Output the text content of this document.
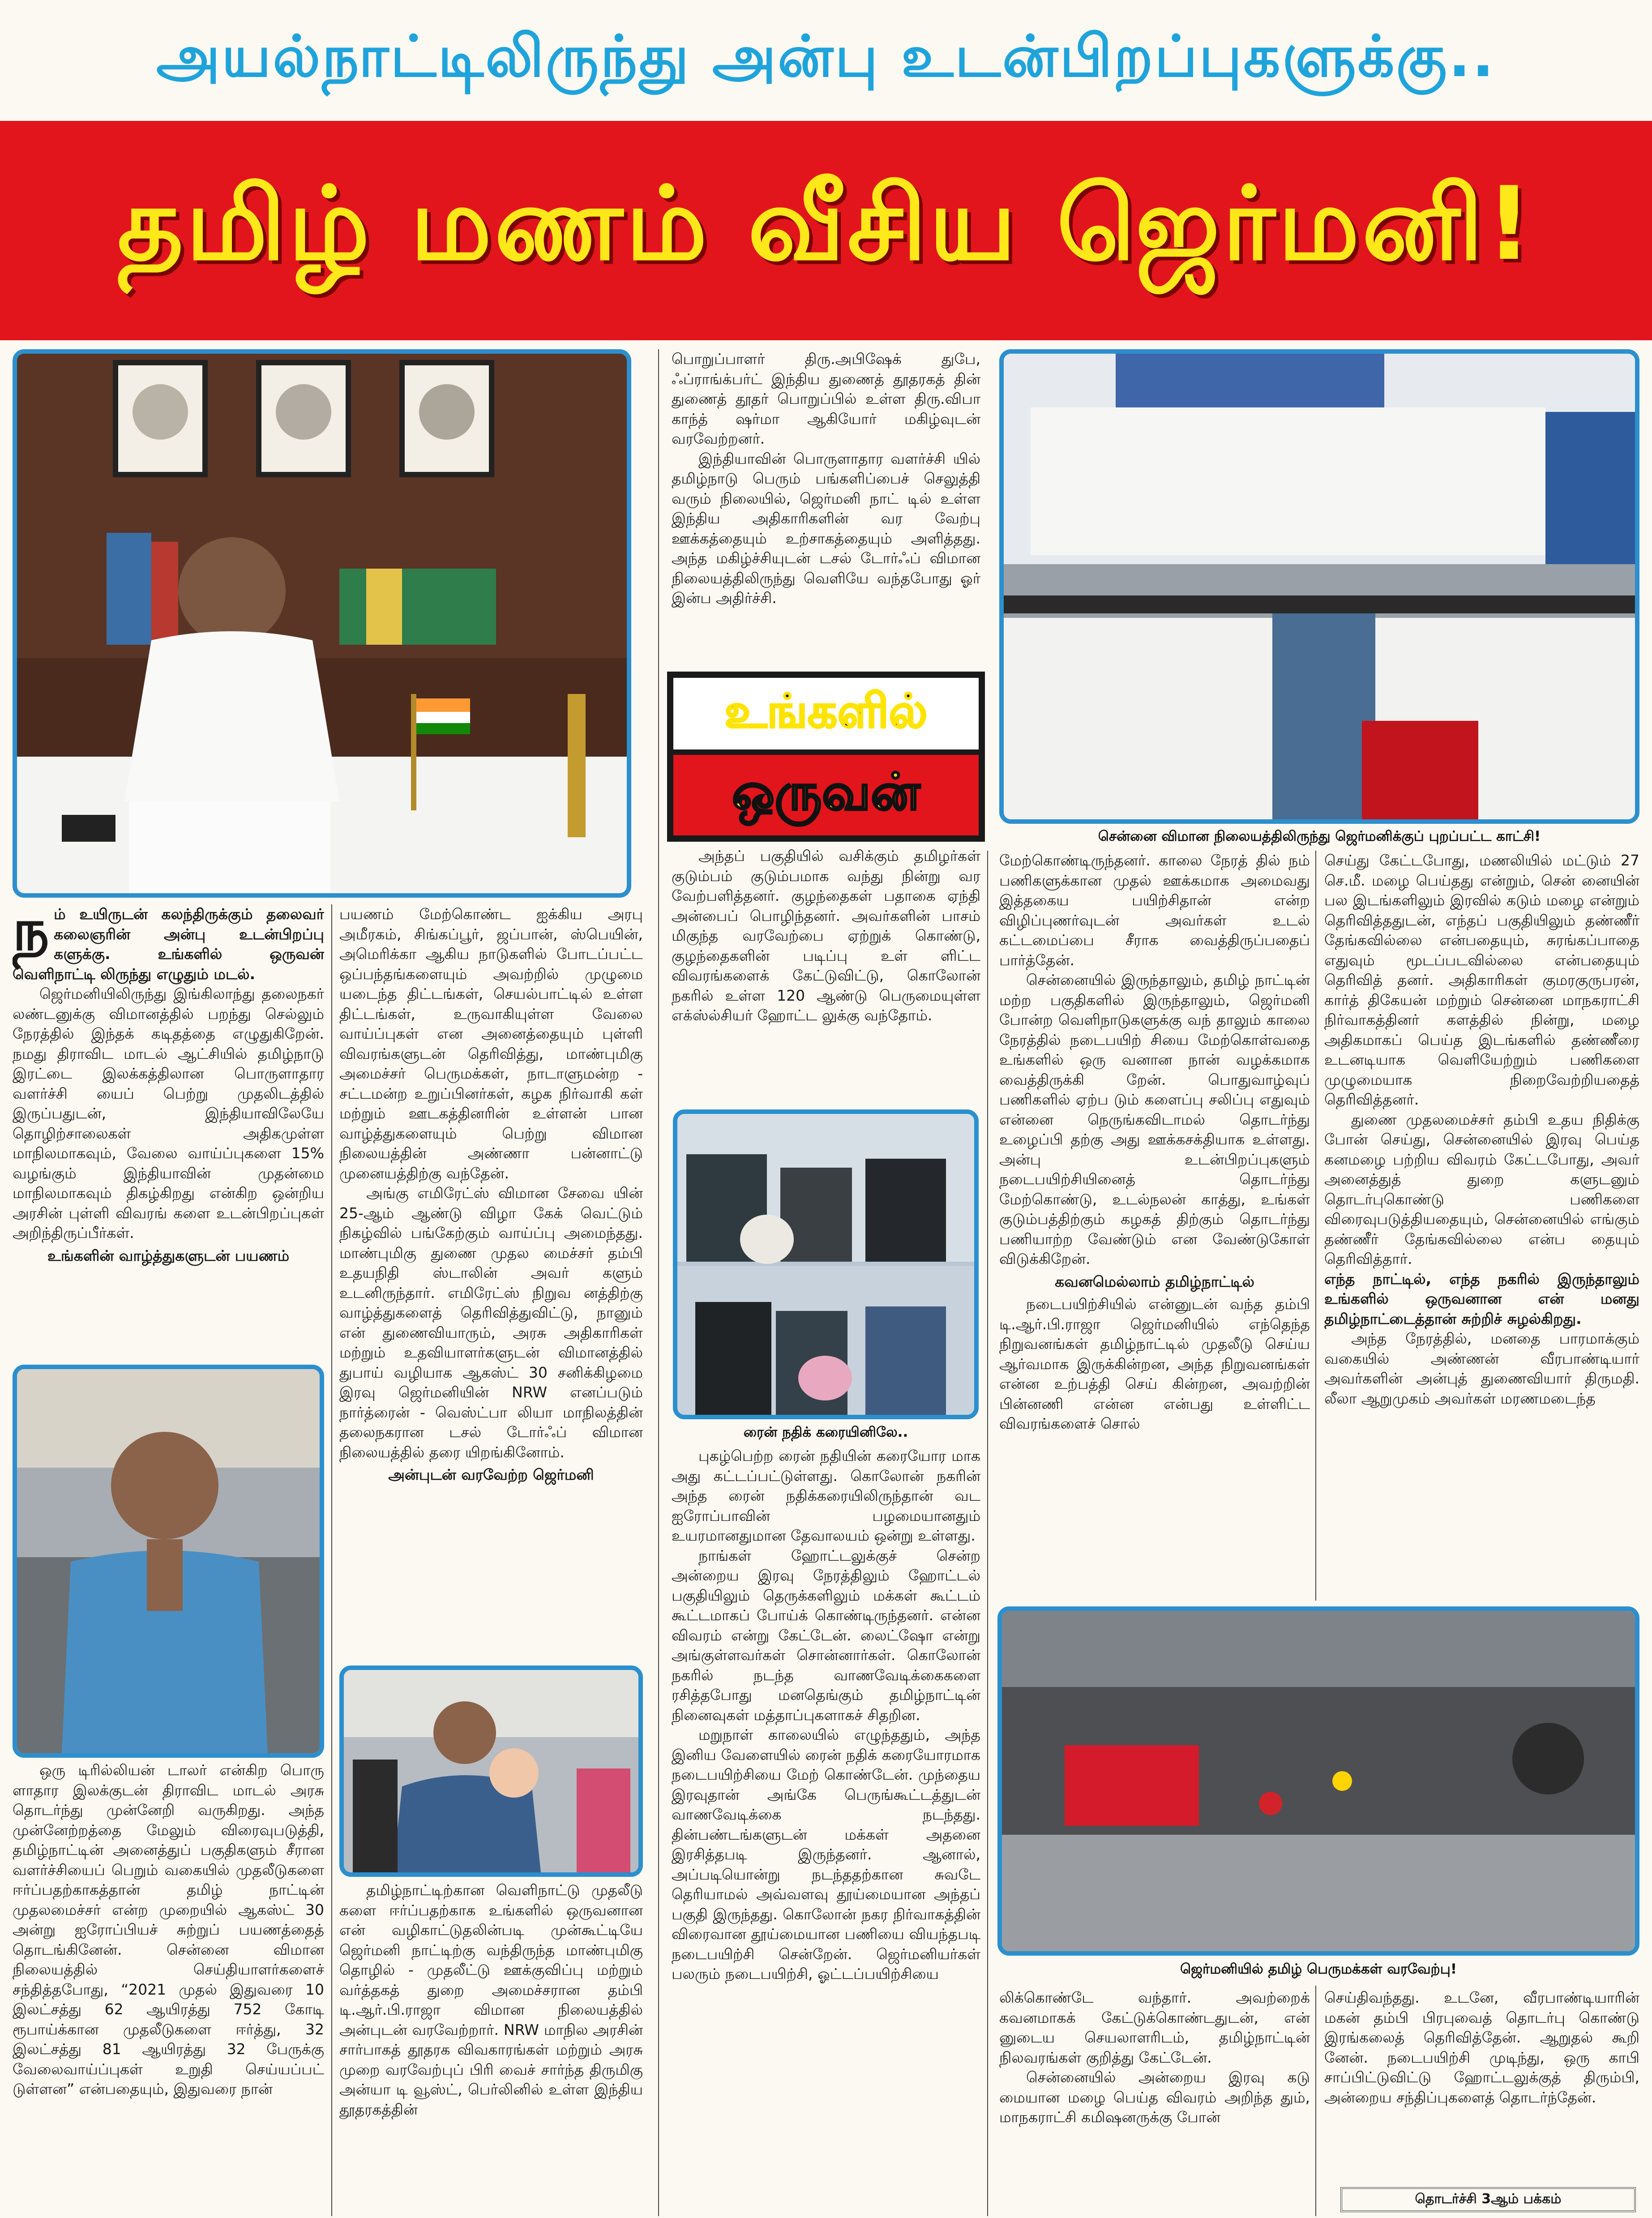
அயல்நாட்டிலிருந்து அன்பு உடன்பிறப்புகளுக்கு..
தமிழ் மணம் வீசிய ஜெர்மனி!
சென்னை விமான நிலையத்திலிருந்து ஜெர்மனிக்குப் புறப்பட்ட காட்சி!
உங்களில்
ஒருவன்
ரைன் நதிக் கரையினிலே..
ஜெர்மனியில் தமிழ் பெருமக்கள் வரவேற்பு!

நம் உயிருடன் கலந்திருக்கும் தலைவர் கலைஞரின் அன்பு உடன்பிறப்பு களுக்கு. உங்களில் ஒருவன் வெளிநாட்டி லிருந்து எழுதும் மடல்.

ஜெர்மனியிலிருந்து இங்கிலாந்து தலைநகர் லண்டனுக்கு விமானத்தில் பறந்து செல்லும் நேரத்தில் இந்தக் கடிதத்தை எழுதுகிறேன். நமது திராவிட மாடல் ஆட்சியில் தமிழ்நாடு இரட்டை இலக்கத்திலான பொருளாதார வளர்ச்சி யைப் பெற்று முதலிடத்தில் இருப்பதுடன், இந்தியாவிலேயே தொழிற்சாலைகள் அதிகமுள்ள மாநிலமாகவும், வேலை வாய்ப்புகளை 15% வழங்கும் இந்தியாவின் முதன்மை மாநிலமாகவும் திகழ்கிறது என்கிற ஒன்றிய அரசின் புள்ளி விவரங் களை உடன்பிறப்புகள் அறிந்திருப்பீர்கள்.

உங்களின் வாழ்த்துகளுடன் பயணம்

ஒரு டிரில்லியன் டாலர் என்கிற பொரு ளாதார இலக்குடன் திராவிட மாடல் அரசு தொடர்ந்து முன்னேறி வருகிறது. அந்த முன்னேற்றத்தை மேலும் விரைவுபடுத்தி, தமிழ்நாட்டின் அனைத்துப் பகுதிகளும் சீரான வளர்ச்சியைப் பெறும் வகையில் முதலீடுகளை ஈர்ப்பதற்காகத்தான் தமிழ் நாட்டின் முதலமைச்சர் என்ற முறையில் ஆகஸ்ட் 30 அன்று ஐரோப்பியச் சுற்றுப் பயணத்தைத் தொடங்கினேன். சென்னை விமான நிலையத்தில் செய்தியாளர்களைச் சந்தித்தபோது, “2021 முதல் இதுவரை 10 இலட்சத்து 62 ஆயிரத்து 752 கோடி ரூபாய்க்கான முதலீடுகளை ஈர்த்து, 32 இலட்சத்து 81 ஆயிரத்து 32 பேருக்கு வேலைவாய்ப்புகள் உறுதி செய்யப்பட் டுள்ளன” என்பதையும், இதுவரை நான்

பயணம் மேற்கொண்ட ஐக்கிய அரபு அமீரகம், சிங்கப்பூர், ஜப்பான், ஸ்பெயின், அமெரிக்கா ஆகிய நாடுகளில் போடப்பட்ட ஒப்பந்தங்களையும் அவற்றில் முழுமை யடைந்த திட்டங்கள், செயல்பாட்டில் உள்ள திட்டங்கள், உருவாகியுள்ள வேலை வாய்ப்புகள் என அனைத்தையும் புள்ளி விவரங்களுடன் தெரிவித்து, மாண்புமிகு அமைச்சர் பெருமக்கள், நாடாளுமன்ற - சட்டமன்ற உறுப்பினர்கள், கழக நிர்வாகி கள் மற்றும் ஊடகத்தினரின் உள்ளன் பான வாழ்த்துகளையும் பெற்று விமான நிலையத்தின் அண்ணா பன்னாட்டு முனையத்திற்கு வந்தேன்.

அங்கு எமிரேட்ஸ் விமான சேவை யின் 25-ஆம் ஆண்டு விழா கேக் வெட்டும் நிகழ்வில் பங்கேற்கும் வாய்ப்பு அமைந்தது. மாண்புமிகு துணை முதல மைச்சர் தம்பி உதயநிதி ஸ்டாலின் அவர் களும் உடனிருந்தார். எமிரேட்ஸ் நிறுவ னத்திற்கு வாழ்த்துகளைத் தெரிவித்துவிட்டு, நானும் என் துணைவியாரும், அரசு அதிகாரிகள் மற்றும் உதவியாளர்களுடன் விமானத்தில் துபாய் வழியாக ஆகஸ்ட் 30 சனிக்கிழமை இரவு ஜெர்மனியின் NRW எனப்படும் நார்த்ரைன் - வெஸ்ட்பா லியா மாநிலத்தின் தலைநகரான டசல் டோர்ஃப் விமான நிலையத்தில் தரை யிறங்கினோம்.

அன்புடன் வரவேற்ற ஜெர்மனி

தமிழ்நாட்டிற்கான வெளிநாட்டு முதலீடு களை ஈர்ப்பதற்காக உங்களில் ஒருவனான என் வழிகாட்டுதலின்படி முன்கூட்டியே ஜெர்மனி நாட்டிற்கு வந்திருந்த மாண்புமிகு தொழில் - முதலீட்டு ஊக்குவிப்பு மற்றும் வர்த்தகத் துறை அமைச்சரான தம்பி டி.ஆர்.பி.ராஜா விமான நிலையத்தில் அன்புடன் வரவேற்றார். NRW மாநில அரசின் சார்பாகத் தூதரக விவகாரங்கள் மற்றும் அரசு முறை வரவேற்புப் பிரி வைச் சார்ந்த திருமிகு அன்யா டி வூஸ்ட், பெர்லினில் உள்ள இந்திய தூதரகத்தின்

பொறுப்பாளர் திரு.அபிஷேக் துபே, ஃப்ராங்க்பர்ட் இந்திய துணைத் தூதரகத் தின் துணைத் தூதர் பொறுப்பில் உள்ள திரு.விபா காந்த் ஷர்மா ஆகியோர் மகிழ்வுடன் வரவேற்றனர்.

இந்தியாவின் பொருளாதார வளர்ச்சி யில் தமிழ்நாடு பெரும் பங்களிப்பைச் செலுத்தி வரும் நிலையில், ஜெர்மனி நாட் டில் உள்ள இந்திய அதிகாரிகளின் வர வேற்பு ஊக்கத்தையும் உற்சாகத்தையும் அளித்தது. அந்த மகிழ்ச்சியுடன் டசல் டோர்ஃப் விமான நிலையத்திலிருந்து வெளியே வந்தபோது ஓர் இன்ப அதிர்ச்சி.

அந்தப் பகுதியில் வசிக்கும் தமிழர்கள் குடும்பம் குடும்பமாக வந்து நின்று வர வேற்பளித்தனர். குழந்தைகள் பதாகை ஏந்தி அன்பைப் பொழிந்தனர். அவர்களின் பாசம் மிகுந்த வரவேற்பை ஏற்றுக் கொண்டு, குழந்தைகளின் படிப்பு உள் ளிட்ட விவரங்களைக் கேட்டுவிட்டு, கொலோன் நகரில் உள்ள 120 ஆண்டு பெருமையுள்ள எக்ஸ்ல்சியர் ஹோட்ட லுக்கு வந்தோம்.

புகழ்பெற்ற ரைன் நதியின் கரையோர மாக அது கட்டப்பட்டுள்ளது. கொலோன் நகரின் அந்த ரைன் நதிக்கரையிலிருந்தான் வட ஐரோப்பாவின் பழமையானதும் உயரமானதுமான தேவாலயம் ஒன்று உள்ளது.

நாங்கள் ஹோட்டலுக்குச் சென்ற அன்றைய இரவு நேரத்திலும் ஹோட்டல் பகுதியிலும் தெருக்களிலும் மக்கள் கூட்டம் கூட்டமாகப் போய்க் கொண்டிருந்தனர். என்ன விவரம் என்று கேட்டேன். லைட்ஷோ என்று அங்குள்ளவர்கள் சொன்னார்கள். கொலோன் நகரில் நடந்த வாணவேடிக்கைகளை ரசித்தபோது மனதெங்கும் தமிழ்நாட்டின் நினைவுகள் மத்தாப்புகளாகச் சிதறின.

மறுநாள் காலையில் எழுந்ததும், அந்த இனிய வேளையில் ரைன் நதிக் கரையோரமாக நடைபயிற்சியை மேற் கொண்டேன். முந்தைய இரவுதான் அங்கே பெருங்கூட்டத்துடன் வாணவேடிக்கை நடந்தது. தின்பண்டங்களுடன் மக்கள் அதனை இரசித்தபடி இருந்தனர். ஆனால், அப்படியொன்று நடந்ததற்கான சுவடே தெரியாமல் அவ்வளவு தூய்மையான அந்தப் பகுதி இருந்தது. கொலோன் நகர நிர்வாகத்தின் விரைவான தூய்மையான பணியை வியந்தபடி நடைபயிற்சி சென்றேன். ஜெர்மனியர்கள் பலரும் நடைபயிற்சி, ஓட்டப்பயிற்சியை

மேற்கொண்டிருந்தனர். காலை நேரத் தில் நம் பணிகளுக்கான முதல் ஊக்கமாக அமைவது இத்தகைய பயிற்சிதான் என்ற விழிப்புணர்வுடன் அவர்கள் உடல் கட்டமைப்பை சீராக வைத்திருப்பதைப் பார்த்தேன்.

சென்னையில் இருந்தாலும், தமிழ் நாட்டின் மற்ற பகுதிகளில் இருந்தாலும், ஜெர்மனி போன்ற வெளிநாடுகளுக்கு வந் தாலும் காலை நேரத்தில் நடைபயிற் சியை மேற்கொள்வதை உங்களில் ஒரு வனான நான் வழக்கமாக வைத்திருக்கி றேன். பொதுவாழ்வுப் பணிகளில் ஏற்ப டும் களைப்பு சலிப்பு எதுவும் என்னை நெருங்கவிடாமல் தொடர்ந்து உழைப்பி தற்கு அது ஊக்கசக்தியாக உள்ளது. அன்பு உடன்பிறப்புகளும் நடைபயிற்சியினைத் தொடர்ந்து மேற்கொண்டு, உடல்நலன் காத்து, உங்கள் குடும்பத்திற்கும் கழகத் திற்கும் தொடர்ந்து பணியாற்ற வேண்டும் என வேண்டுகோள் விடுக்கிறேன்.

கவனமெல்லாம் தமிழ்நாட்டில்

நடைபயிற்சியில் என்னுடன் வந்த தம்பி டி.ஆர்.பி.ராஜா ஜெர்மனியில் எந்தெந்த நிறுவனங்கள் தமிழ்நாட்டில் முதலீடு செய்ய ஆர்வமாக இருக்கின்றன, அந்த நிறுவனங்கள் என்ன உற்பத்தி செய் கின்றன, அவற்றின் பின்னணி என்ன என்பது உள்ளிட்ட விவரங்களைச் சொல்

லிக்கொண்டே வந்தார். அவற்றைக் கவனமாகக் கேட்டுக்கொண்டதுடன், என் னுடைய செயலாளரிடம், தமிழ்நாட்டின் நிலவரங்கள் குறித்து கேட்டேன்.

சென்னையில் அன்றைய இரவு கடு மையான மழை பெய்த விவரம் அறிந்த தும், மாநகராட்சி கமிஷனருக்கு போன்

செய்து கேட்டபோது, மணலியில் மட்டும் 27 செ.மீ. மழை பெய்தது என்றும், சென் னையின் பல இடங்களிலும் இரவில் கடும் மழை என்றும் தெரிவித்ததுடன், எந்தப் பகுதியிலும் தண்ணீர் தேங்கவில்லை என்பதையும், சுரங்கப்பாதை எதுவும் மூடப்படவில்லை என்பதையும் தெரிவித் தனர். அதிகாரிகள் குமரகுருபரன், கார்த் திகேயன் மற்றும் சென்னை மாநகராட்சி நிர்வாகத்தினர் களத்தில் நின்று, மழை அதிகமாகப் பெய்த இடங்களில் தண்ணீரை உடனடியாக வெளியேற்றும் பணிகளை முழுமையாக நிறைவேற்றியதைத் தெரிவித்தனர்.

துணை முதலமைச்சர் தம்பி உதய நிதிக்கு போன் செய்து, சென்னையில் இரவு பெய்த கனமழை பற்றிய விவரம் கேட்டபோது, அவர் அனைத்துத் துறை களுடனும் தொடர்புகொண்டு பணிகளை விரைவுபடுத்தியதையும், சென்னையில் எங்கும் தண்ணீர் தேங்கவில்லை என்ப தையும் தெரிவித்தார்.

எந்த நாட்டில், எந்த நகரில் இருந்தாலும் உங்களில் ஒருவனான என் மனது தமிழ்நாட்டைத்தான் சுற்றிச் சுழல்கிறது.

அந்த நேரத்தில், மனதை பாரமாக்கும் வகையில் அண்ணன் வீரபாண்டியார் அவர்களின் அன்புத் துணைவியார் திருமதி. லீலா ஆறுமுகம் அவர்கள் மரணமடைந்த

செய்திவந்தது. உடனே, வீரபாண்டியாரின் மகன் தம்பி பிரபுவைத் தொடர்பு கொண்டு இரங்கலைத் தெரிவித்தேன். ஆறுதல் கூறி னேன். நடைபயிற்சி முடிந்து, ஒரு காபி சாப்பிட்டுவிட்டு ஹோட்டலுக்குத் திரும்பி, அன்றைய சந்திப்புகளைத் தொடர்ந்தேன்.

தொடர்ச்சி 3ஆம் பக்கம்
